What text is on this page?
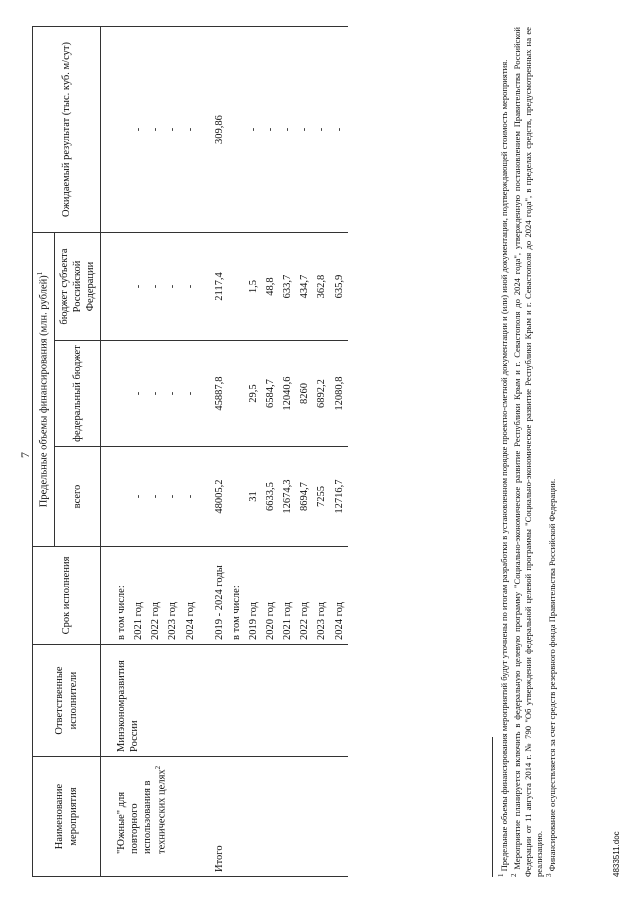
7
Наименование мероприятия	Ответственные исполнители	Срок исполнения	Предельные объемы финансирования (млн. рублей)$^1$			Ожидаемый результат (тыс. куб. м/сут)
			всего	федеральный бюджет	бюджет субъекта Российской Федерации	

"Южные" для повторного использования в технических целях$^2$	Минэкономразвития России	в том числе:				
		2021 год	-	-	-	-
		2022 год	-	-	-	-
		2023 год	-	-	-	-
		2024 год	-	-	-	-

Итого		2019 - 2024 годы	48005,2	45887,8	2117,4	309,86
		в том числе:				
		2019 год	31	29,5	1,5	-
		2020 год	6633,5	6584,7	48,8	-
		2021 год	12674,3	12040,6	633,7	-
		2022 год	8694,7	8260	434,7	-
		2023 год	7255	6892,2	362,8	-
		2024 год	12716,7	12080,8	635,9	-

$^1$ Предельные объемы финансирования мероприятий будут уточнены по итогам разработки в установленном порядке проектно-сметной документации и (или) иной документации, подтверждающей стоимость мероприятия.

$^2$ Мероприятие планируется включить в федеральную целевую программу "Социально-экономическое развитие Республики Крым и г. Севастополя до 2024 года", утвержденную постановлением Правительства Российской Федерации от 11 августа 2014 г. № 790 "Об утверждении федеральной целевой программы "Социально-экономическое развитие Республики Крым и г. Севастополя до 2024 года", в пределах средств, предусмотренных на ее реализацию. $^3$ Финансирование осуществляется за счет средств резервного фонда Правительства Российской Федерации.	4833511.doc
